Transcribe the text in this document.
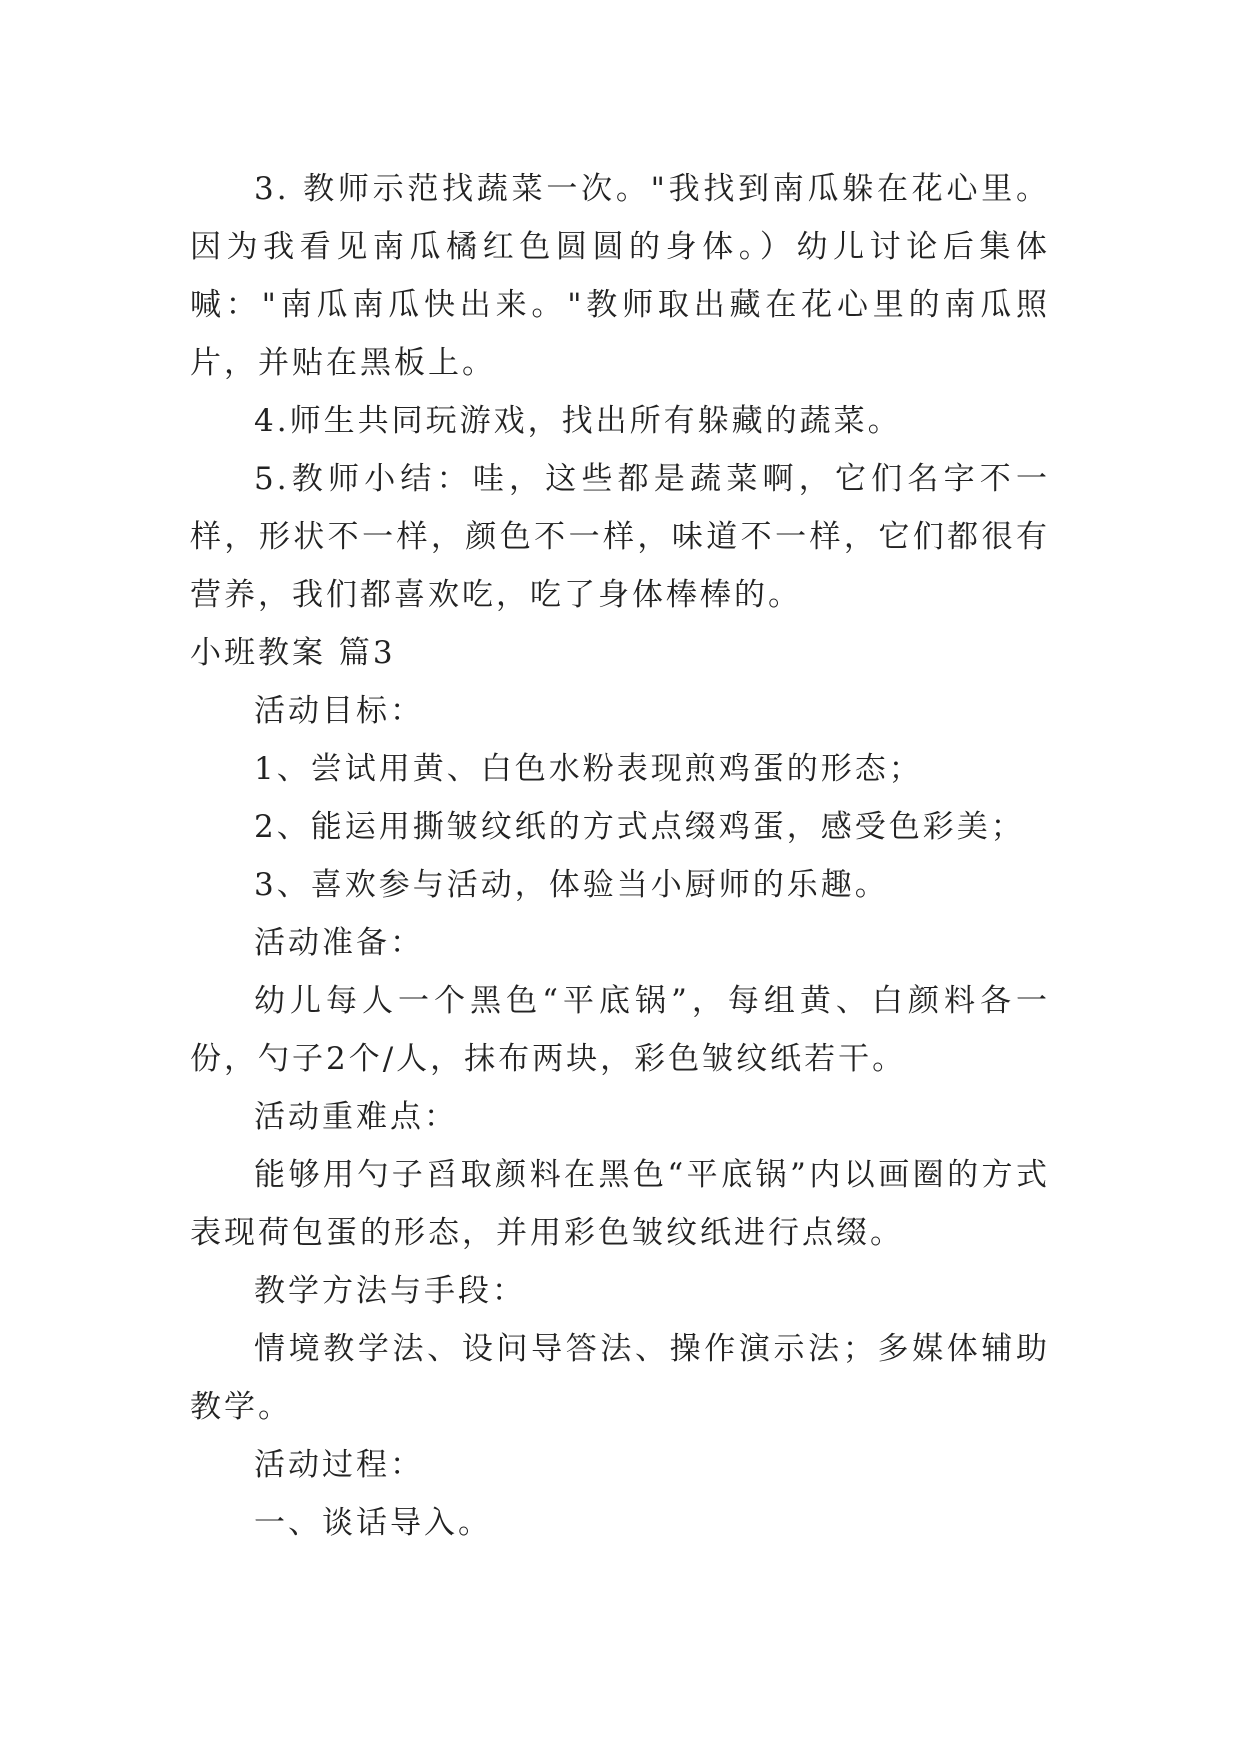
3. 教师示范找蔬菜一次。"我找到南瓜躲在花心里。因为我看见南瓜橘红色圆圆的身体。）幼儿讨论后集体喊："南瓜南瓜快出来。"教师取出藏在花心里的南瓜照片，并贴在黑板上。

4.师生共同玩游戏，找出所有躲藏的蔬菜。

5.教师小结：哇，这些都是蔬菜啊，它们名字不一样，形状不一样，颜色不一样，味道不一样，它们都很有营养，我们都喜欢吃，吃了身体棒棒的。

小班教案 篇3

活动目标：

1、尝试用黄、白色水粉表现煎鸡蛋的形态；

2、能运用撕皱纹纸的方式点缀鸡蛋，感受色彩美；

3、喜欢参与活动，体验当小厨师的乐趣。

活动准备：

幼儿每人一个黑色“平底锅”，每组黄、白颜料各一份，勺子2个/人，抹布两块，彩色皱纹纸若干。

活动重难点：

能够用勺子舀取颜料在黑色“平底锅”内以画圈的方式表现荷包蛋的形态，并用彩色皱纹纸进行点缀。

教学方法与手段：

情境教学法、设问导答法、操作演示法；多媒体辅助教学。

活动过程：

一、谈话导入。
